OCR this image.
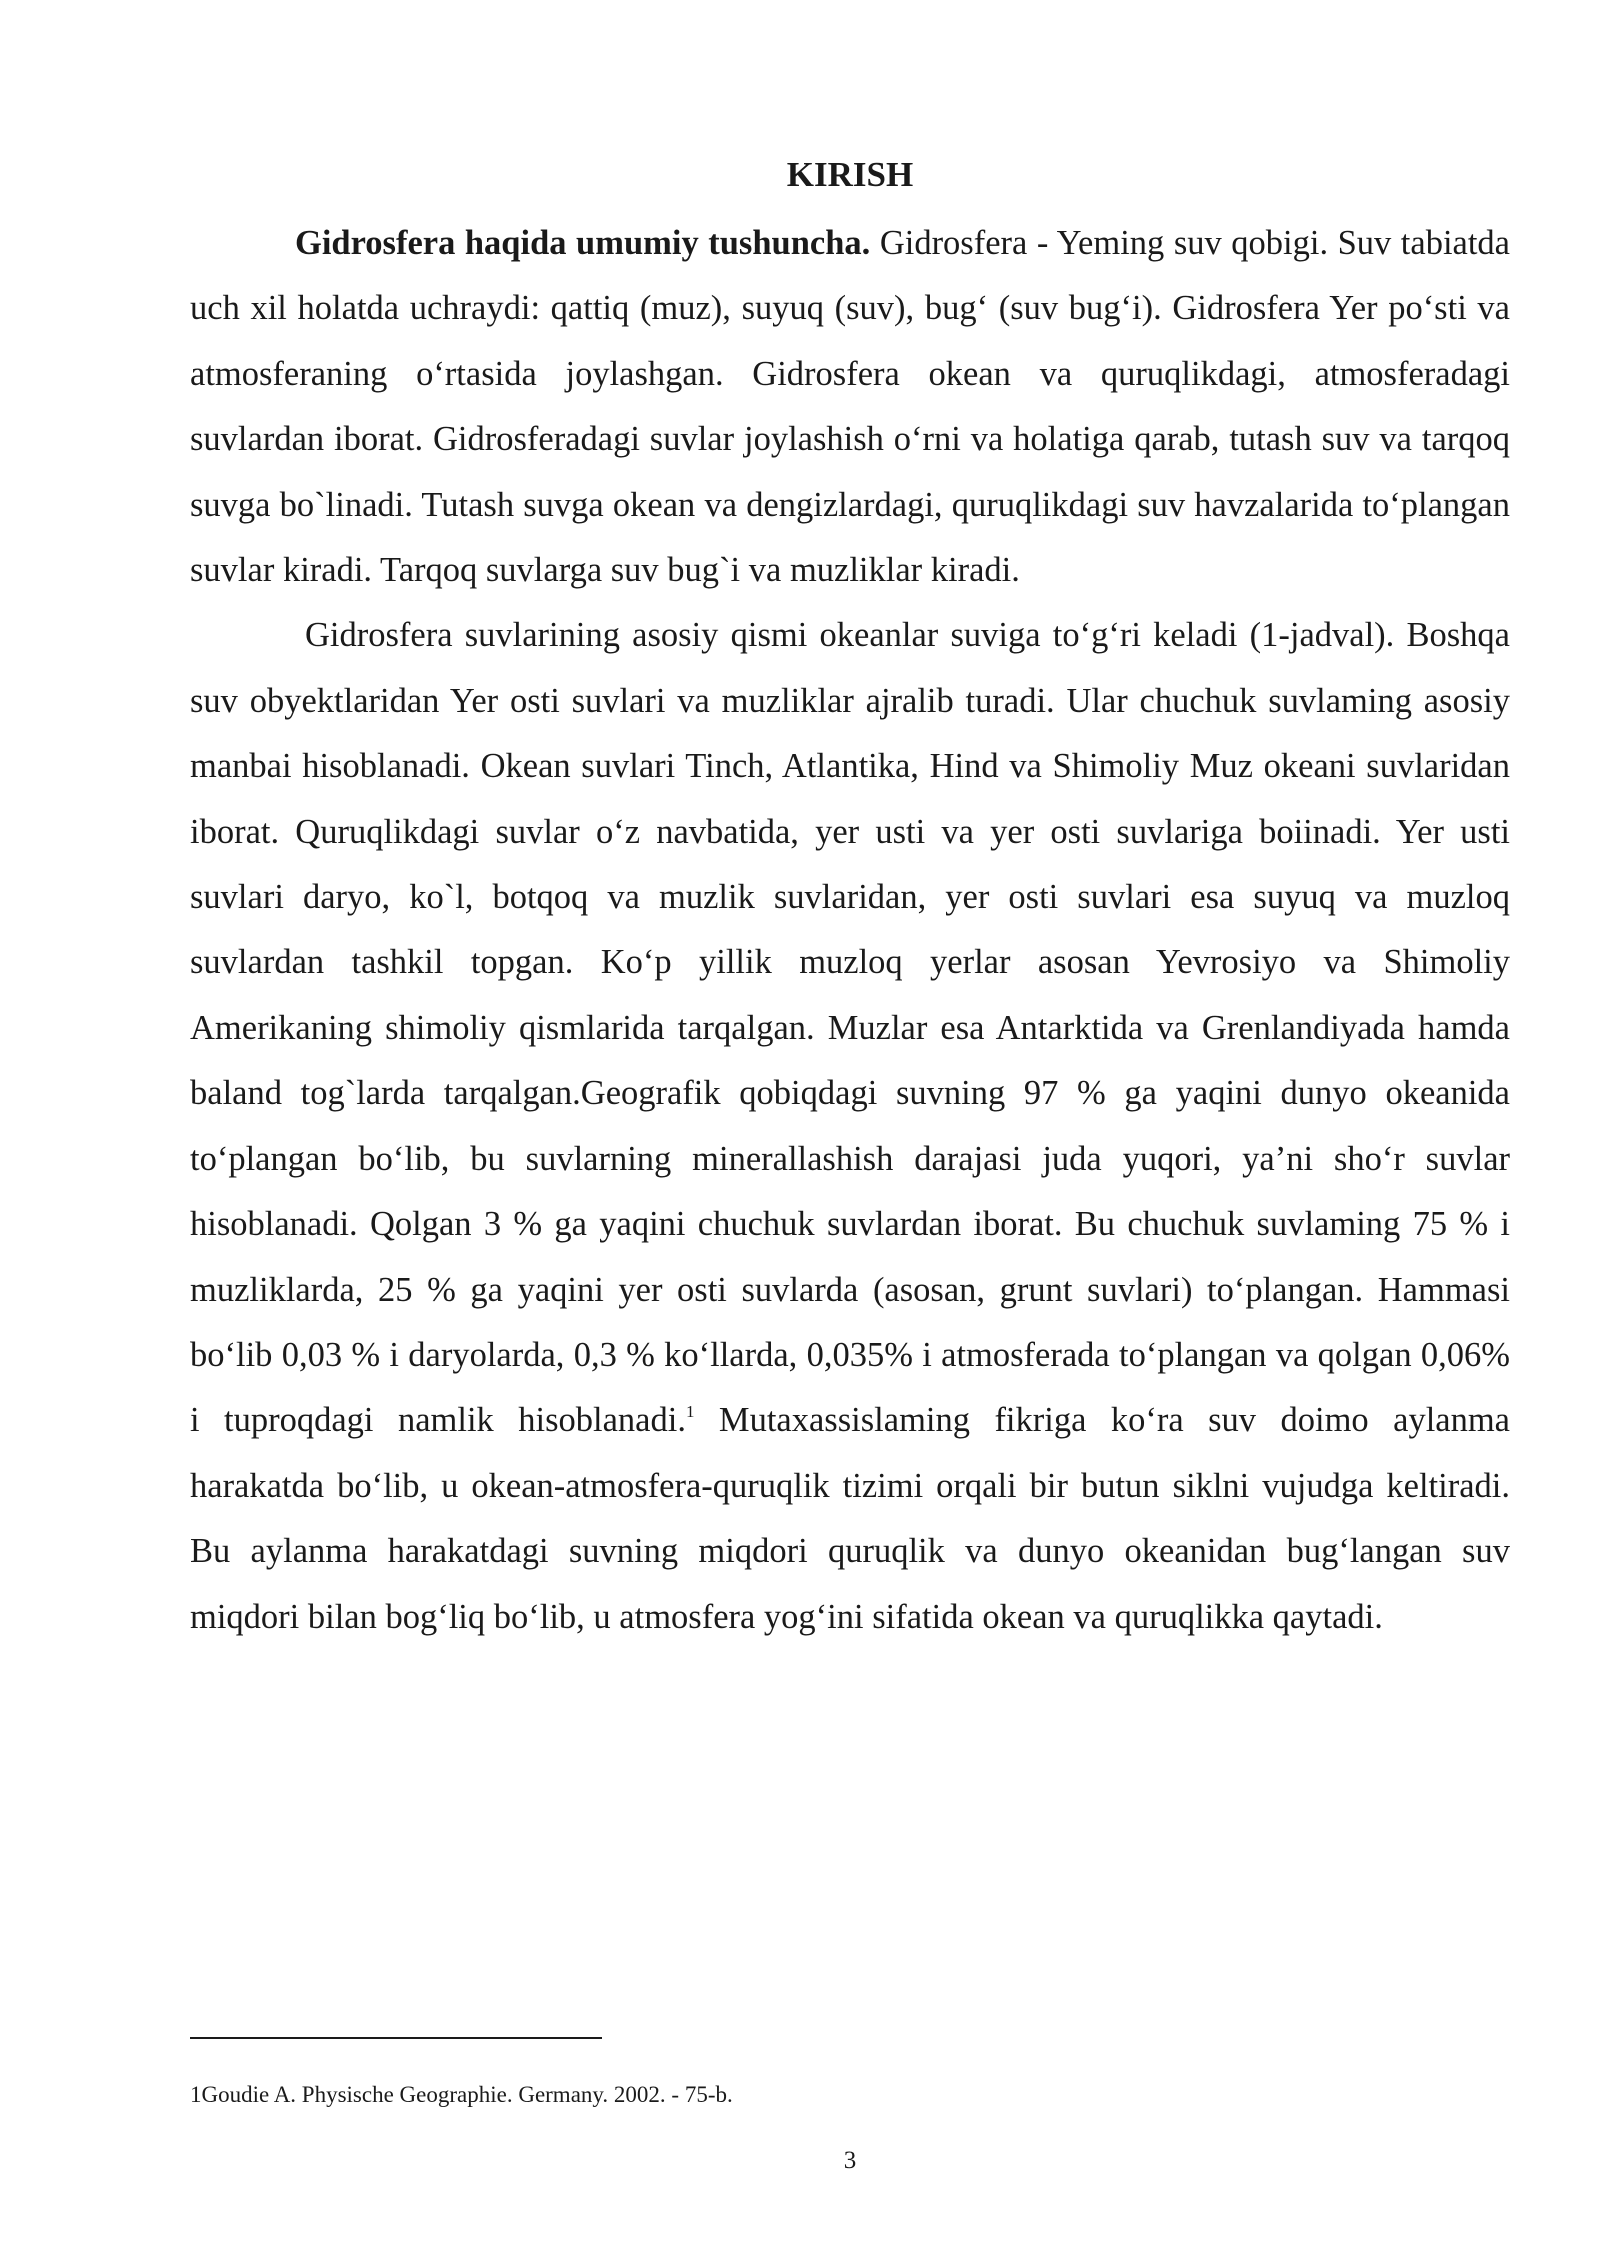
KIRISH

Gidrosfera haqida umumiy tushuncha. Gidrosfera - Yeming suv qobigi. Suv tabiatda uch xil holatda uchraydi: qattiq (muz), suyuq (suv), bug‘ (suv bug‘i). Gidrosfera Yer po‘sti va atmosferaning o‘rtasida joylashgan. Gidrosfera okean va quruqlikdagi, atmosferadagi suvlardan iborat. Gidrosferadagi suvlar joylashish o‘rni va holatiga qarab, tutash suv va tarqoq suvga bo`linadi. Tutash suvga okean va dengizlardagi, quruqlikdagi suv havzalarida to‘plangan suvlar kiradi. Tarqoq suvlarga suv bug`i va muzliklar kiradi.

Gidrosfera suvlarining asosiy qismi okeanlar suviga to‘g‘ri keladi (1-jadval). Boshqa suv obyektlaridan Yer osti suvlari va muzliklar ajralib turadi. Ular chuchuk suvlaming asosiy manbai hisoblanadi. Okean suvlari Tinch, Atlantika, Hind va Shimoliy Muz okeani suvlaridan iborat. Quruqlikdagi suvlar o‘z navbatida, yer usti va yer osti suvlariga boiinadi. Yer usti suvlari daryo, ko`l, botqoq va muzlik suvlaridan, yer osti suvlari esa suyuq va muzloq suvlardan tashkil topgan. Ko‘p yillik muzloq yerlar asosan Yevrosiyo va Shimoliy Amerikaning shimoliy qismlarida tarqalgan. Muzlar esa Antarktida va Grenlandiyada hamda baland tog`larda tarqalgan.Geografik qobiqdagi suvning 97 % ga yaqini dunyo okeanida to‘plangan bo‘lib, bu suvlarning minerallashish darajasi juda yuqori, ya’ni sho‘r suvlar hisoblanadi. Qolgan 3 % ga yaqini chuchuk suvlardan iborat. Bu chuchuk suvlaming 75 % i muzliklarda, 25 % ga yaqini yer osti suvlarda (asosan, grunt suvlari) to‘plangan. Hammasi bo‘lib 0,03 % i daryolarda, 0,3 % ko‘llarda, 0,035% i atmosferada to‘plangan va qolgan 0,06% i tuproqdagi namlik hisoblanadi.$^1$ Mutaxassislaming fikriga ko‘ra suv doimo aylanma harakatda bo‘lib, u okean-atmosfera-quruqlik tizimi orqali bir butun siklni vujudga keltiradi. Bu aylanma harakatdagi suvning miqdori quruqlik va dunyo okeanidan bug‘langan suv miqdori bilan bog‘liq bo‘lib, u atmosfera yog‘ini sifatida okean va quruqlikka qaytadi.

1Goudie A. Physische Geographie. Germany. 2002. - 75-b.

3
